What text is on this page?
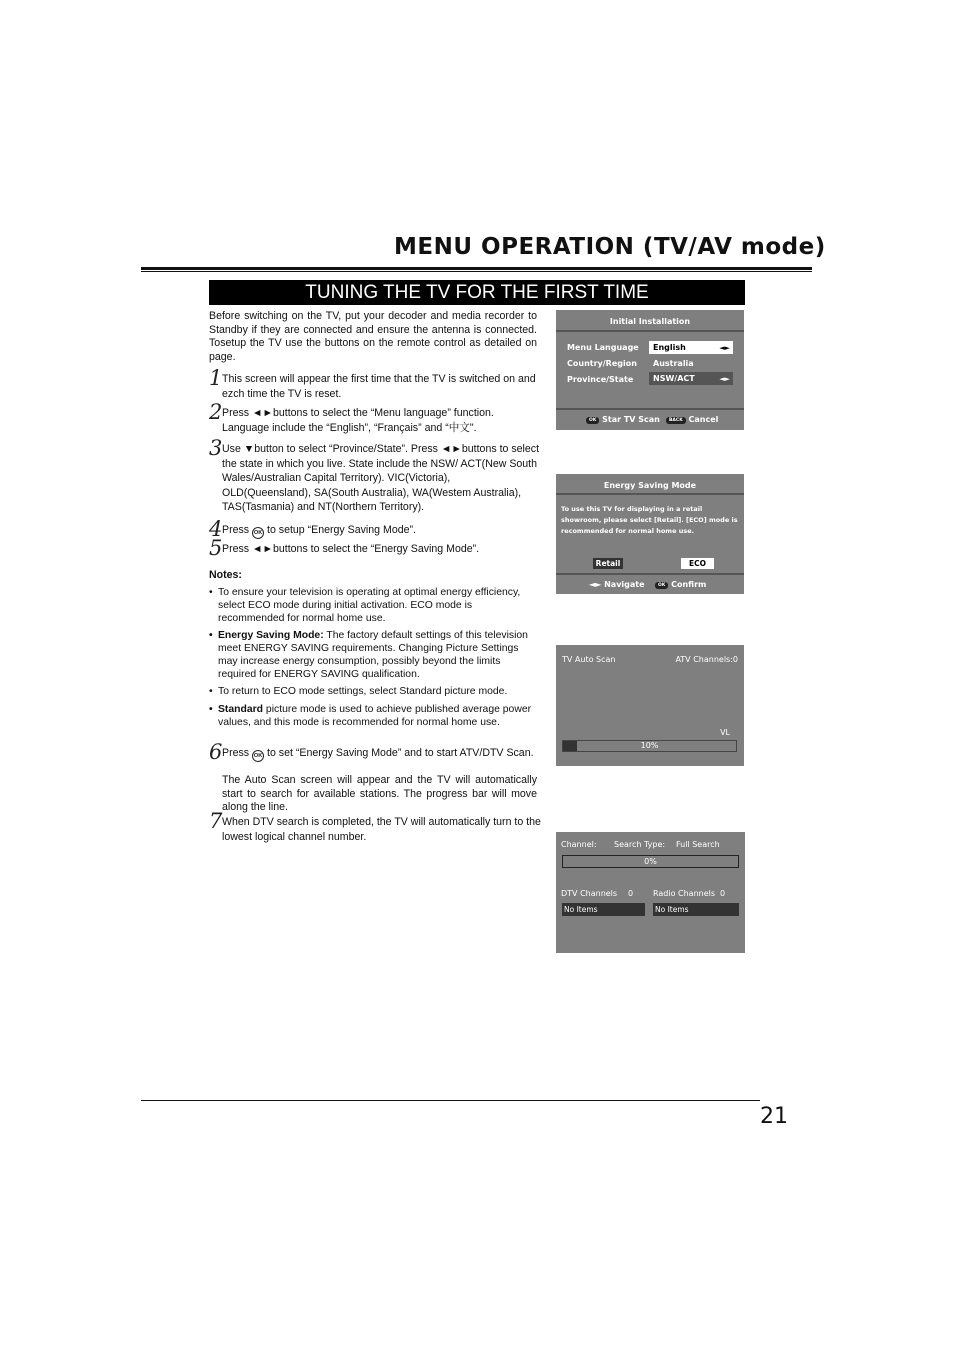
MENU OPERATION (TV/AV mode)
TUNING THE TV FOR THE FIRST TIME
Before switching on the TV, put your decoder and media recorder to Standby if they are connected and ensure the antenna is connected. Tosetup the TV use the buttons on the remote control as detailed on page.
1 This screen will appear the first time that the TV is switched on and ezch time the TV is reset.
2 Press ◄►buttons to select the “Menu language” function. Language include the “English”, “Français” and “中文".
3 Use ▼button to select “Province/State”. Press ◄►buttons to select the state in which you live. State include the NSW/ ACT(New South Wales/Australian Capital Territory). VIC(Victoria), OLD(Queensland), SA(South Australia), WA(Westem Australia), TAS(Tasmania) and NT(Northern Territory).
4 Press OK to setup “Energy Saving Mode”.
5 Press ◄►buttons to select the “Energy Saving Mode”.
Notes:
• To ensure your television is operating at optimal energy efficiency, select ECO mode during initial activation. ECO mode is recommended for normal home use.
• Energy Saving Mode: The factory default settings of this television meet ENERGY SAVING requirements. Changing Picture Settings may increase energy consumption, possibly beyond the limits required for ENERGY SAVING qualification.
• To return to ECO mode settings, select Standard picture mode.
• Standard picture mode is used to achieve published average power values, and this mode is recommended for normal home use.
6 Press OK to set “Energy Saving Mode” and to start ATV/DTV Scan.
The Auto Scan screen will appear and the TV will automatically start to search for available stations. The progress bar will move along the line.
7 When DTV search is completed, the TV will automatically turn to the lowest logical channel number.
Initial Installation
Menu Language	English	◄►
Country/Region	Australia
Province/State	NSW/ACT	◄►
OK Star TV Scan	BACK Cancel
Energy Saving Mode
To use this TV for displaying in a retail showroom, please select [Retail]. [ECO] mode is recommended for normal home use.
Retail	ECO
◄► Navigate	OK Confirm
TV Auto Scan	ATV Channels:0
VL
10%
Channel: Search Type: Full Search
0%
DTV Channels 0 Radio Channels 0
No Items	No Items
21
